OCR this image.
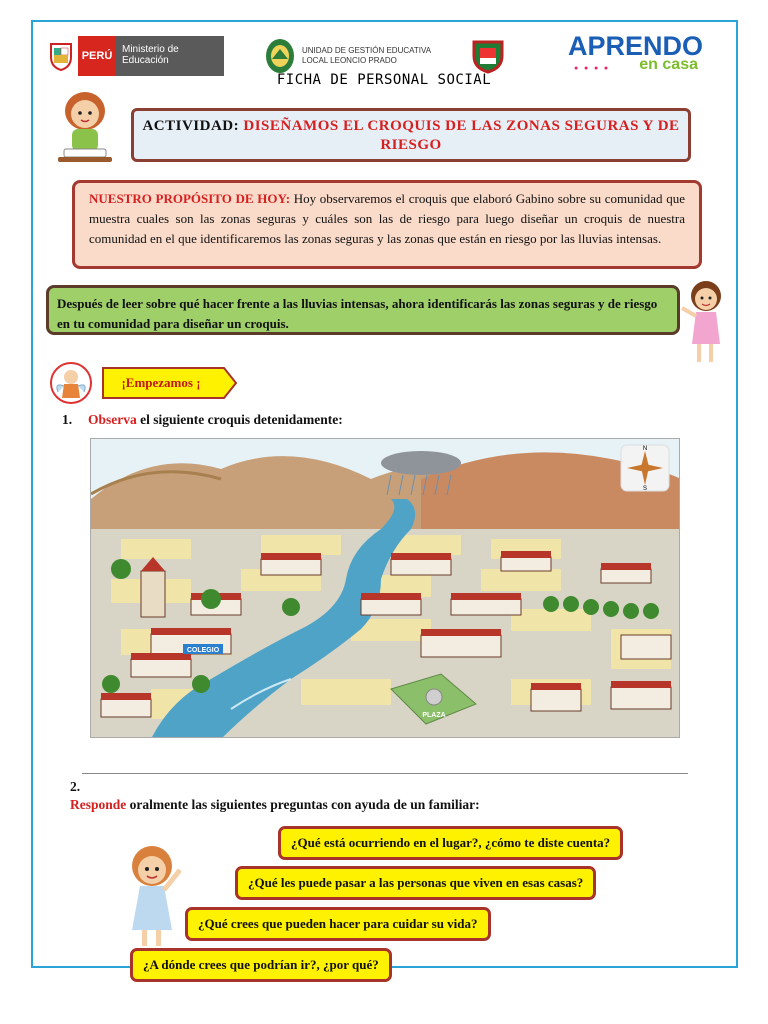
PERÚ
Ministerio de Educación
UNIDAD DE GESTIÓN EDUCATIVA
LOCAL LEONCIO PRADO	APRENDO
● ● ● ● en casa
FICHA DE PERSONAL SOCIAL
ACTIVIDAD: DISEÑAMOS EL CROQUIS DE LAS ZONAS SEGURAS Y DE RIESGO
NUESTRO PROPÓSITO DE HOY: Hoy observaremos el croquis que elaboró Gabino sobre su comunidad que muestra cuales son las zonas seguras y cuáles son las de riesgo para luego diseñar un croquis de nuestra comunidad en el que identificaremos las zonas seguras y las zonas que están en riesgo por las lluvias intensas.
Después de leer sobre qué hacer frente a las lluvias intensas, ahora identificarás las zonas seguras y de riesgo en tu comunidad para diseñar un croquis.
¡Empezamos ¡
1. Observa el siguiente croquis detenidamente:
COLEGIO
PLAZA
N
S
2.
Responde oralmente las siguientes preguntas con ayuda de un familiar:
¿Qué está ocurriendo en el lugar?, ¿cómo te diste cuenta?
¿Qué les puede pasar a las personas que viven en esas casas?
¿Qué crees que pueden hacer para cuidar su vida?
¿A dónde crees que podrían ir?, ¿por qué?
